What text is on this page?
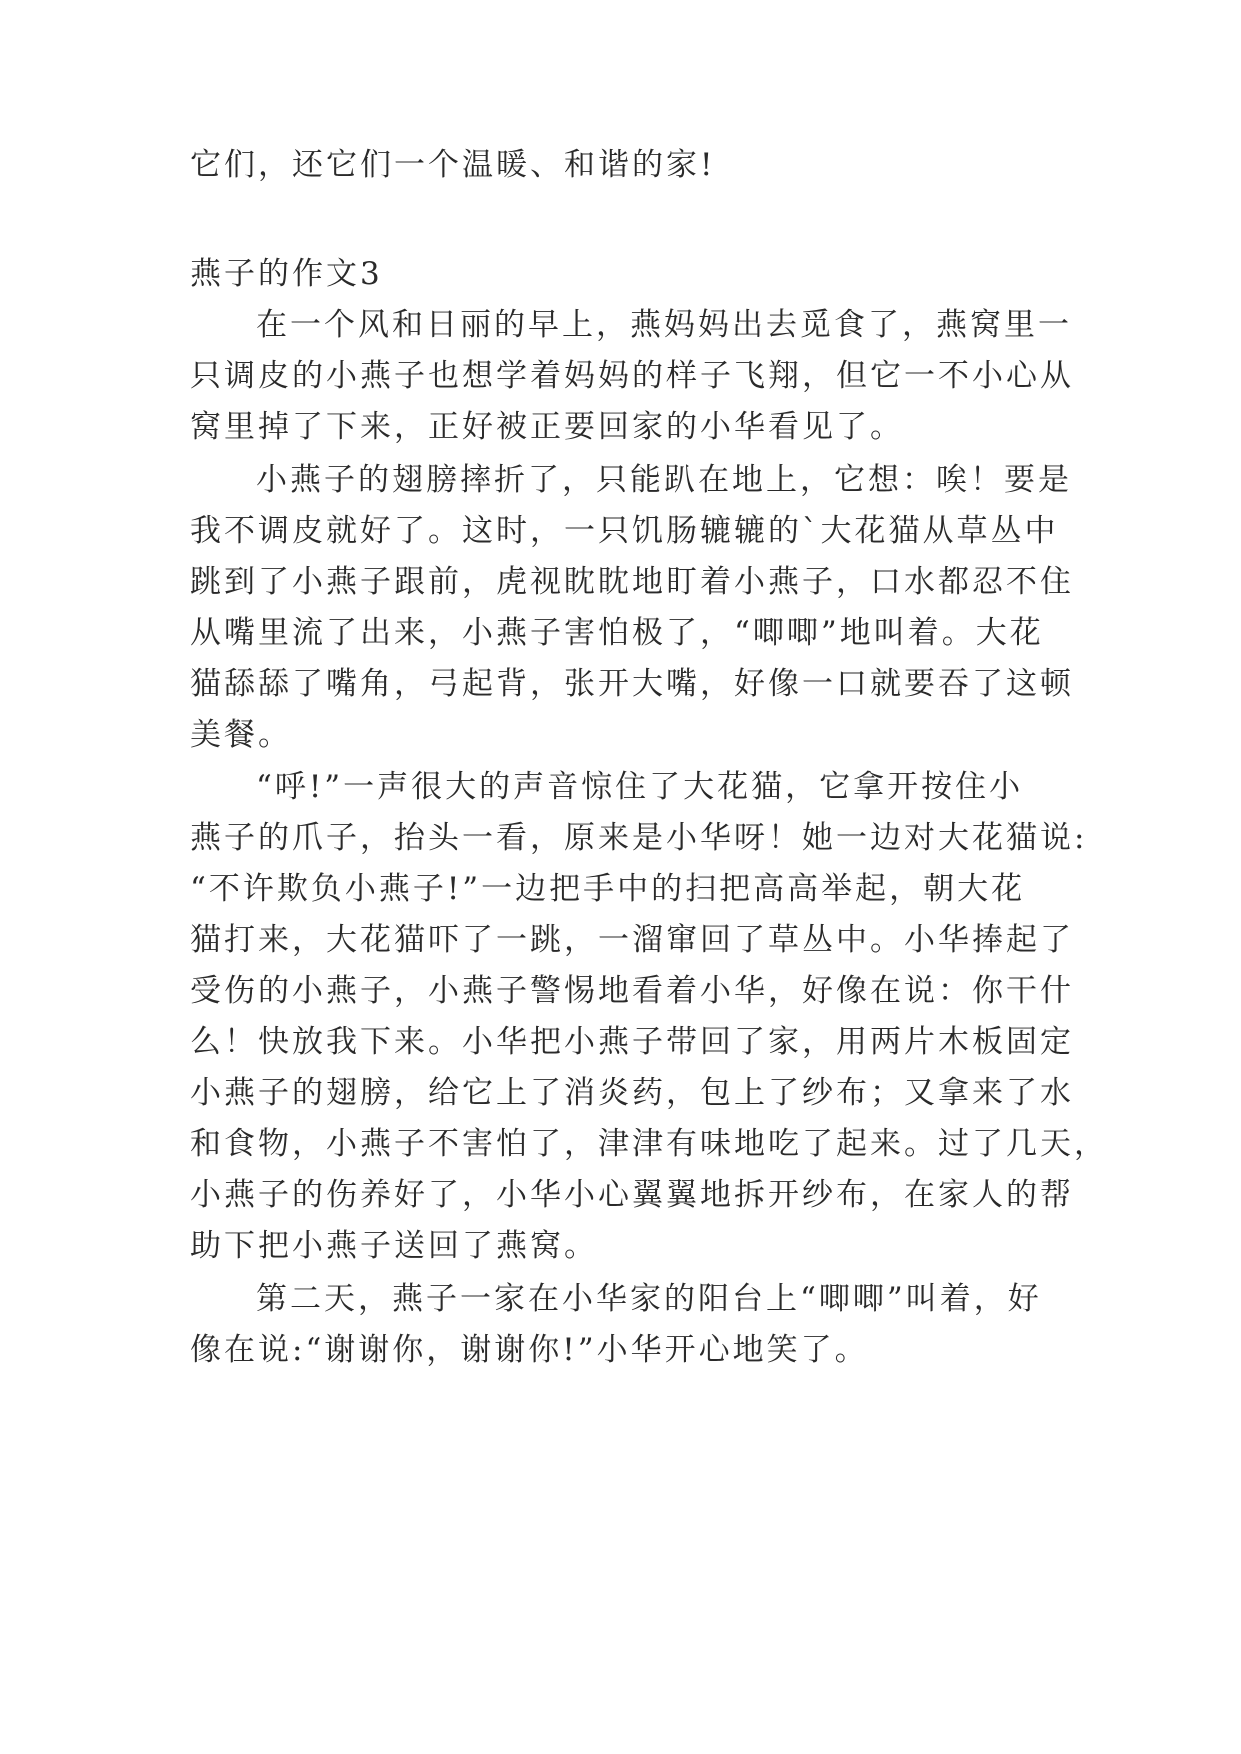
它们，还它们一个温暖、和谐的家!
燕子的作文3
在一个风和日丽的早上，燕妈妈出去觅食了，燕窝里一
只调皮的小燕子也想学着妈妈的样子飞翔，但它一不小心从
窝里掉了下来，正好被正要回家的小华看见了。
小燕子的翅膀摔折了，只能趴在地上，它想：唉！要是
我不调皮就好了。这时，一只饥肠辘辘的`大花猫从草丛中
跳到了小燕子跟前，虎视眈眈地盯着小燕子，口水都忍不住
从嘴里流了出来，小燕子害怕极了，“唧唧”地叫着。大花
猫舔舔了嘴角，弓起背，张开大嘴，好像一口就要吞了这顿
美餐。
“呼!”一声很大的声音惊住了大花猫，它拿开按住小
燕子的爪子，抬头一看，原来是小华呀！她一边对大花猫说:
“不许欺负小燕子!”一边把手中的扫把高高举起，朝大花
猫打来，大花猫吓了一跳，一溜窜回了草丛中。小华捧起了
受伤的小燕子，小燕子警惕地看着小华，好像在说：你干什
么！快放我下来。小华把小燕子带回了家，用两片木板固定
小燕子的翅膀，给它上了消炎药，包上了纱布；又拿来了水
和食物，小燕子不害怕了，津津有味地吃了起来。过了几天，
小燕子的伤养好了，小华小心翼翼地拆开纱布，在家人的帮
助下把小燕子送回了燕窝。
第二天，燕子一家在小华家的阳台上“唧唧”叫着，好
像在说:“谢谢你，谢谢你!”小华开心地笑了。
